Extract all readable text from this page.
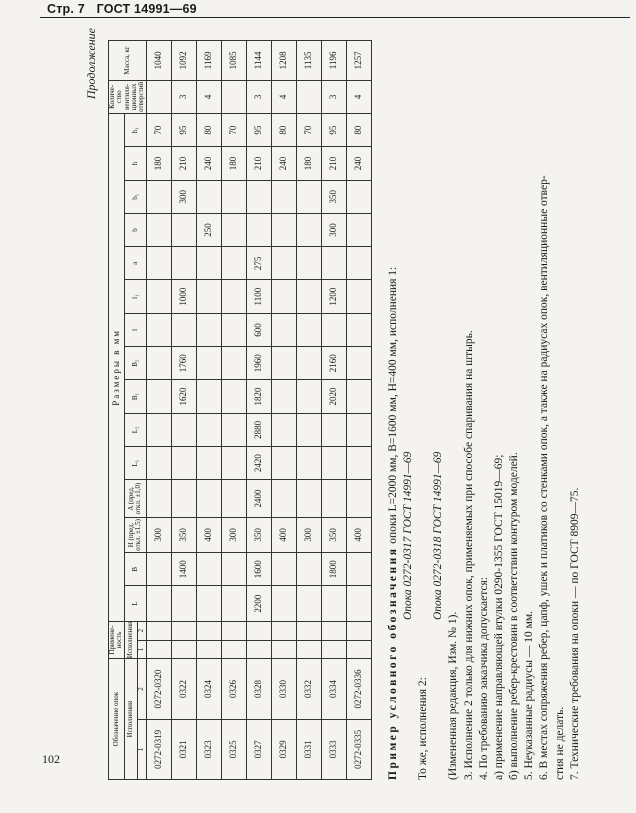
Стр. 7 ГОСТ 14991—69
102
Продолжение
Обозначение опок		Примененость		Размеры в мм															Количество вентиляционных отверстий	Масса, кг
Исполнения		Исполнения		L	B	H (пред. откл. ±1,5)	A (пред. откл. ±1,0)	L₁	L₂	B₁	B₂	l	l₁	a	b	b₁	h	h₁		
1	2	1	2																	
0272-0319	0272-0320					300											180	70		1040
0321	0322				1400	350				1620	1760		1000			300	210	95	3	1092
0323	0324					400									250		240	80	4	1169
0325	0326					300											180	70		1085
0327	0328			2200	1600	350	2400	2420	2880	1820	1960	600	1100	275			210	95	3	1144
0329	0330					400											240	80	4	1208
0331	0332					300											180	70		1135
0333	0334				1800	350				2020	2160		1200		300	350	210	95	3	1196
0272-0335	0272-0336					400											240	80	4	1257

Пример условного обозначения опоки L=2000 мм, B=1600 мм, H=400 мм, исполнения 1: Опока 0272-0317 ГОСТ 14991—69

То же, исполнения 2:

Опока 0272-0318 ГОСТ 14991—69

(Измененная редакция, Изм. № 1). 3. Исполнение 2 только для нижних опок, применяемых при способе спаривания на штырь. 4. По требованию заказчика допускается: а) применение направляющей втулки 0290-1355 ГОСТ 15019—69; б) выполнение ребер-крестовин в соответствии контуром моделей. 5. Неуказанные радиусы — 10 мм. 6. В местах сопряжения ребер, цапф, ушек и платиков со стенками опок, а также на радиусах опок, вентиляционные отвер- стия не делать. 7. Технические требования на опоки — по ГОСТ 8909—75.
